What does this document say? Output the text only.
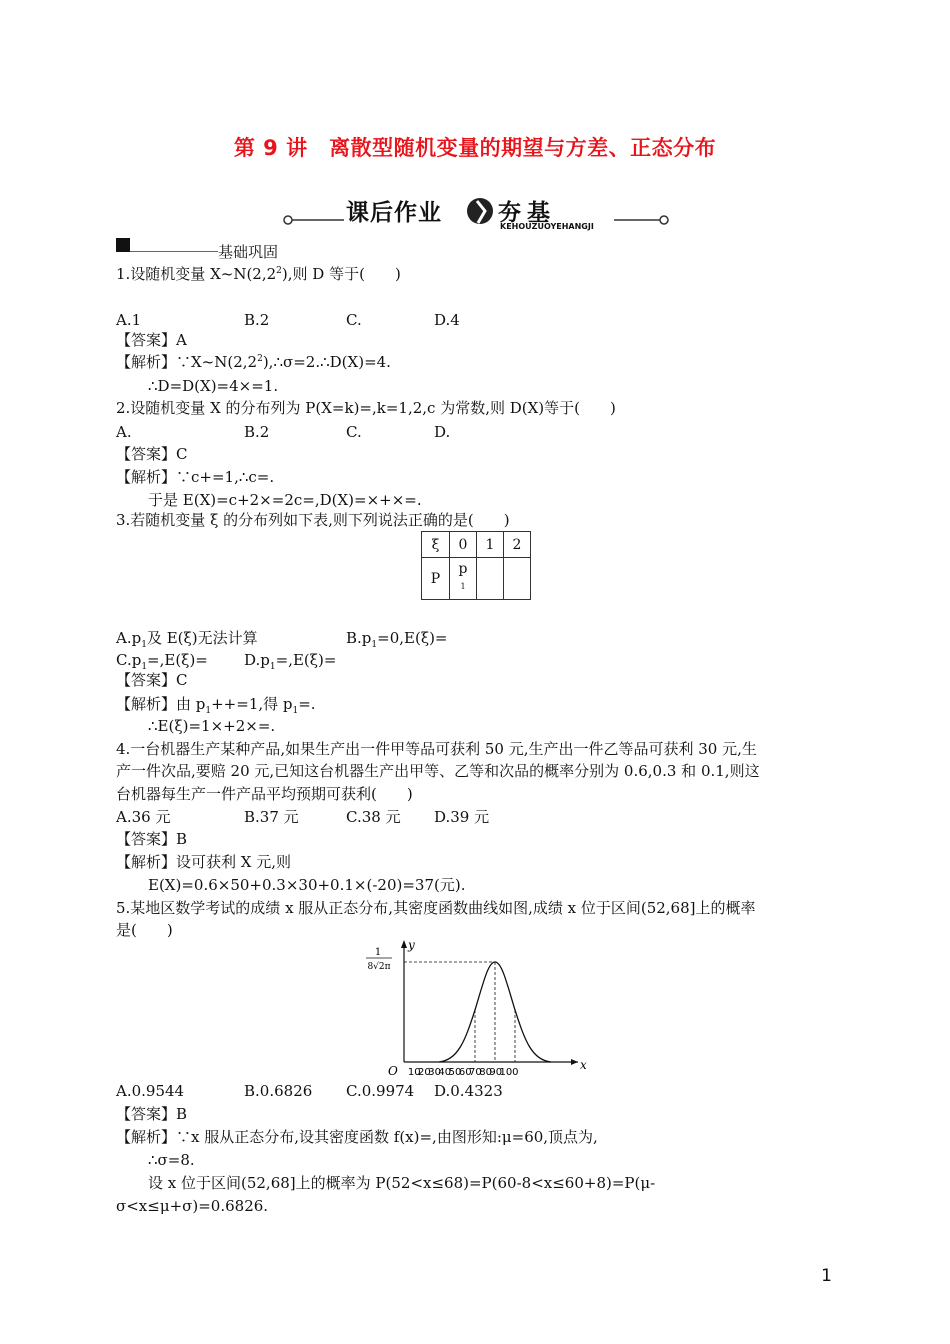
第 9 讲　离散型随机变量的期望与方差、正态分布
课后作业 夯基
KEHOUZUOYEHANGJI
基础巩固
1.设随机变量 $X\sim N(2,2^2)$,则 D 等于(　　)
A.1	B.2	C.	D.4
【答案】A
【解析】$\because X\sim N(2,2^2),\therefore\sigma=2.\therefore D(X)=4$.
∴D=D(X)=4×=1.
2.设随机变量 X 的分布列为 P(X=k)=,k=1,2,c 为常数,则 D(X)等于(　　)
A.	B.2	C.	D.
【答案】C
【解析】∵c+=1,∴c=.
于是 E(X)=c+2×=2c=,D(X)=×+×=.
3.若随机变量 ξ 的分布列如下表,则下列说法正确的是(　　)
ξ	0	1	2
P	p
1		
$A.p_1$及 E(ξ)无法计算	$B.p_1=0,E(\xi)=$
$C.p_1=,E(\xi)= D.p_1=,E(\xi)=$
【答案】C
【解析】由 $p_1++=1$,得 $p_1=$.
∴E(ξ)=1×+2×=.
4.一台机器生产某种产品,如果生产出一件甲等品可获利 50 元,生产出一件乙等品可获利 30 元,生
产一件次品,要赔 20 元,已知这台机器生产出甲等、乙等和次品的概率分别为 0.6,0.3 和 0.1,则这
台机器每生产一件产品平均预期可获利(　　)
A.36 元	B.37 元	C.38 元 D.39 元
【答案】B
【解析】设可获利 X 元,则
E(X)=0.6×50+0.3×30+0.1×(-20)=37(元).
5.某地区数学考试的成绩 x 服从正态分布,其密度函数曲线如图,成绩 x 位于区间(52,68]上的概率
是(　　)
y
x
O
1
8√2π
10
20
30
40
50
60
70
80
90
100
A.0.9544	B.0.6826 C.0.9974 D.0.4323
【答案】B
【解析】∵x 服从正态分布,设其密度函数 f(x)=,由图形知:μ=60,顶点为,
∴σ=8.
设 x 位于区间(52,68]上的概率为 P(52<x≤68)=P(60-8<x≤60+8)=P(μ-
σ<x≤μ+σ)=0.6826.
1
